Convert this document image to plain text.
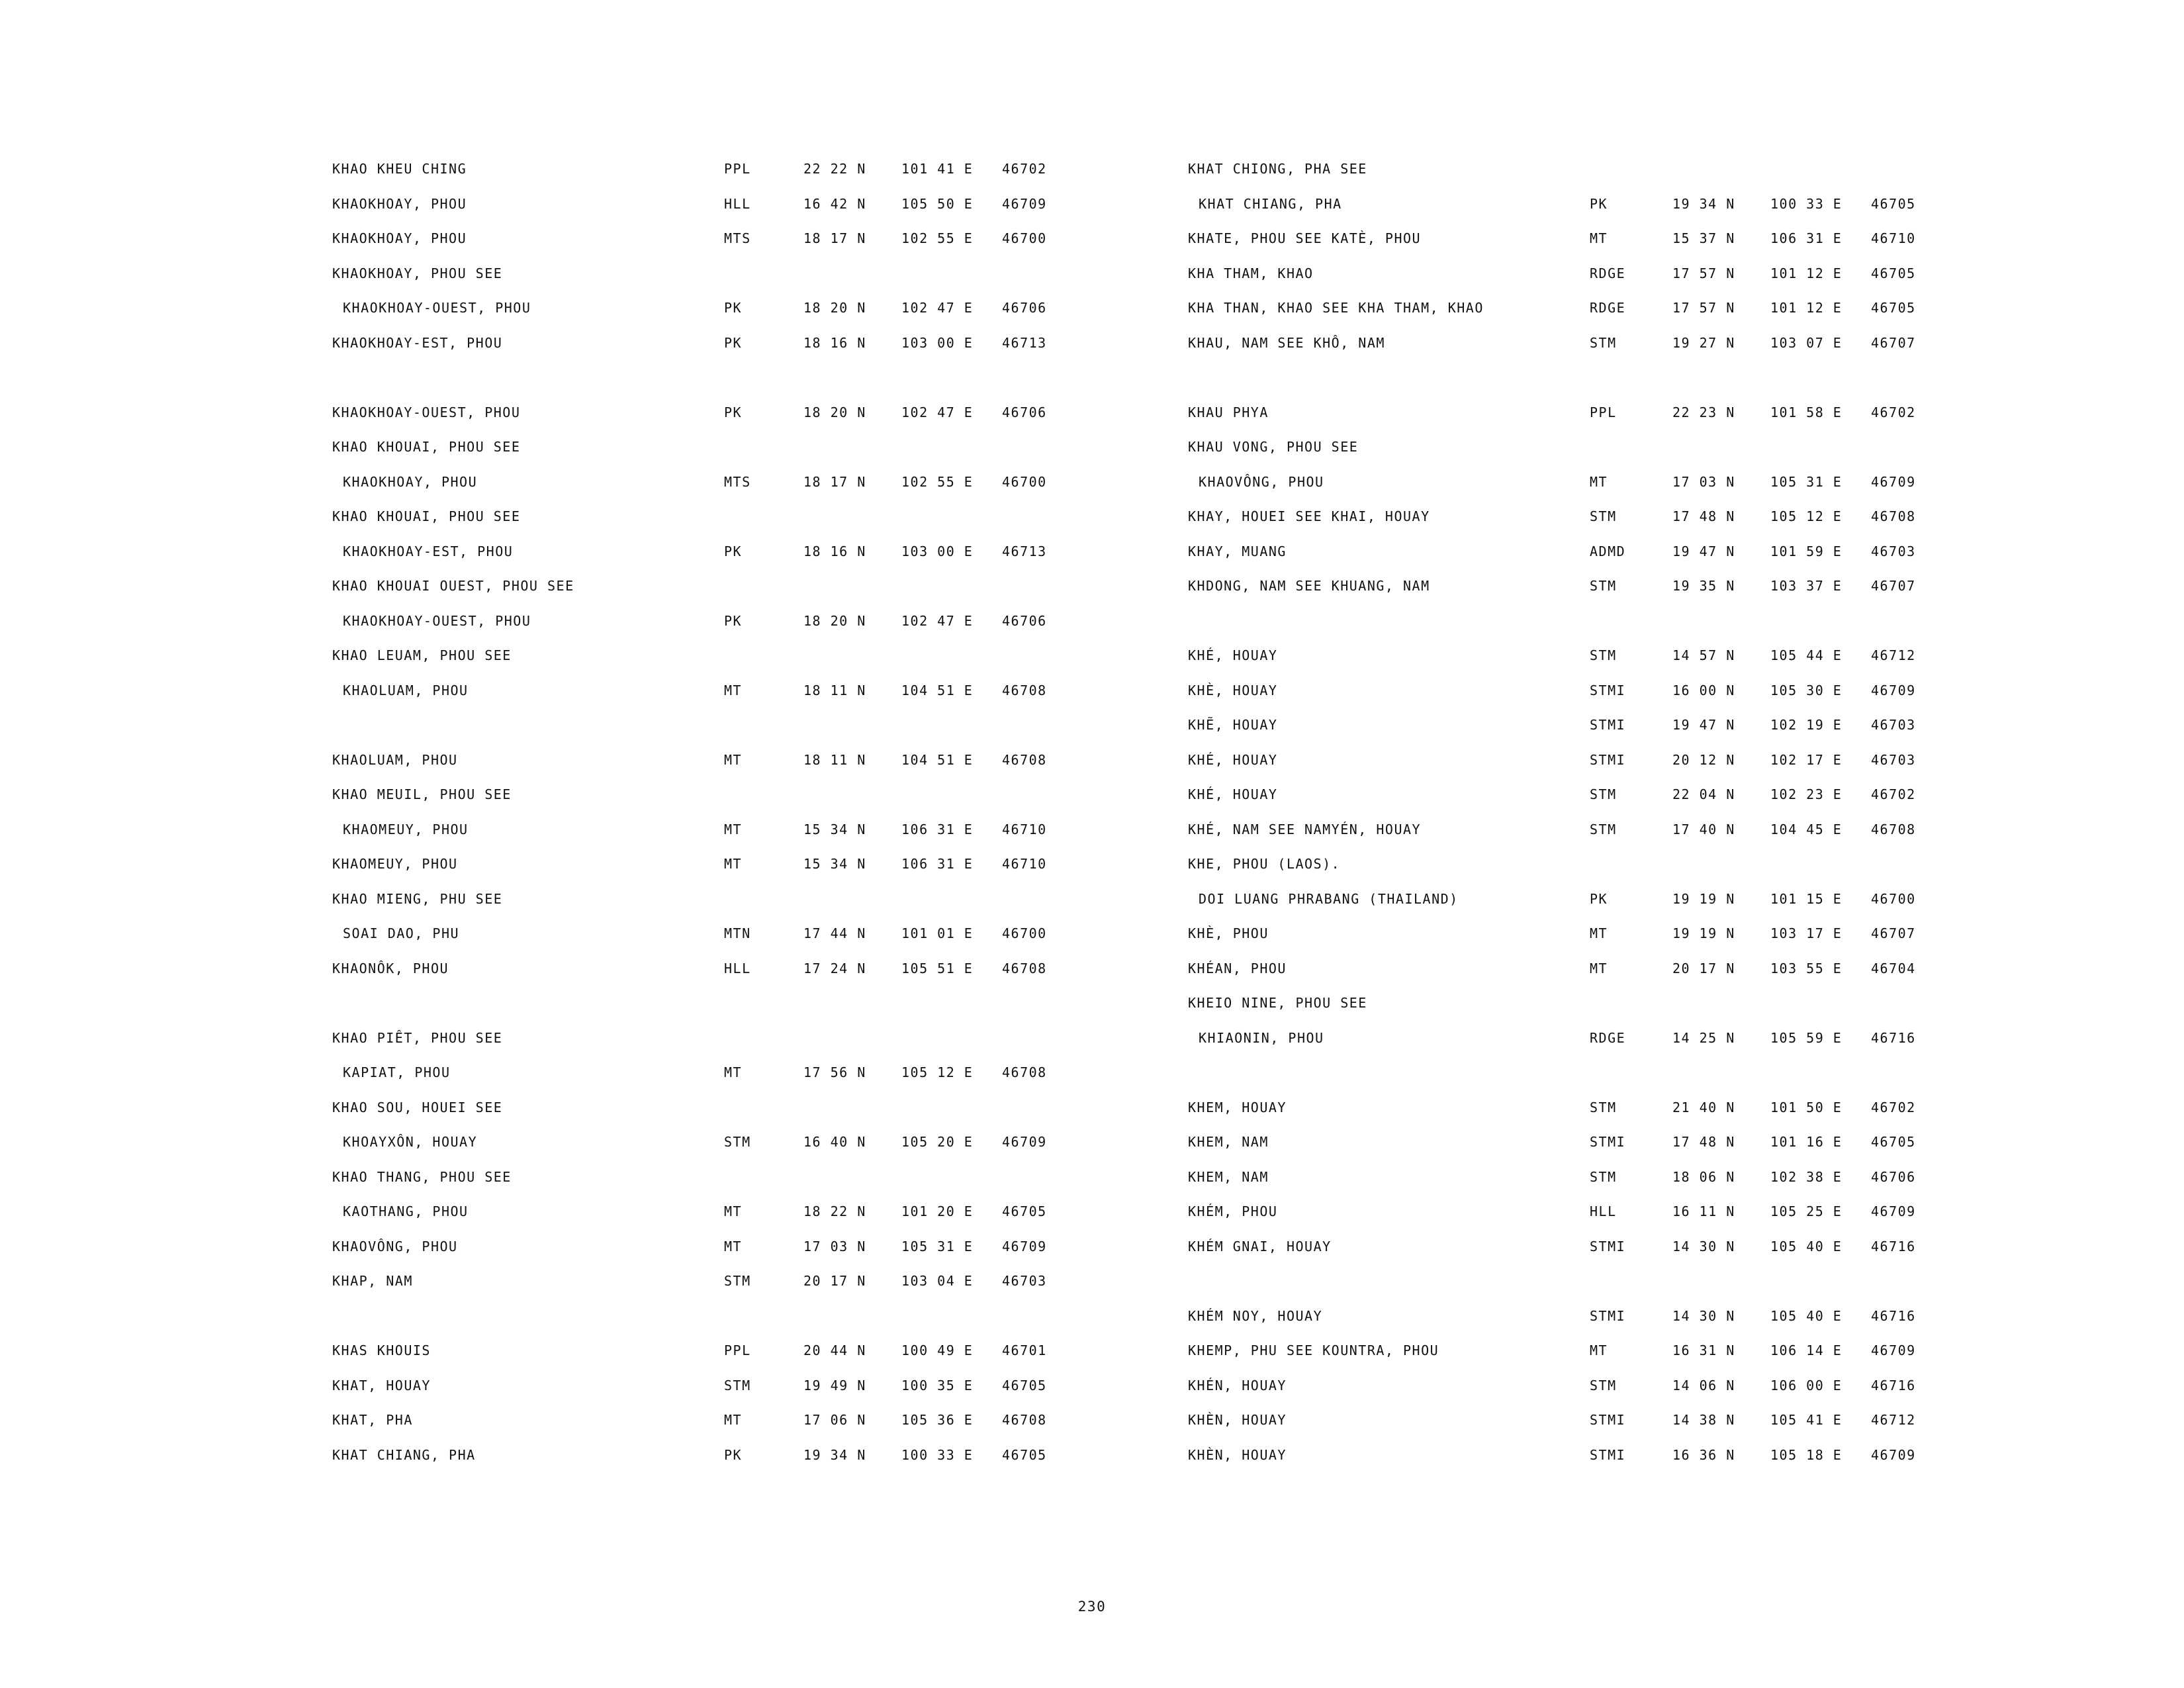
KHAO KHEU CHING	PPL	22 22 N	101 41 E 46702
KHAOKHOAY, PHOU	HLL	16 42 N	105 50 E 46709
KHAOKHOAY, PHOU	MTS	18 17 N	102 55 E 46700
KHAOKHOAY, PHOU SEE
KHAOKHOAY-OUEST, PHOU	PK	18 20 N	102 47 E 46706
KHAOKHOAY-EST, PHOU	PK	18 16 N	103 00 E 46713
KHAOKHOAY-OUEST, PHOU	PK	18 20 N	102 47 E 46706
KHAO KHOUAI, PHOU SEE
KHAOKHOAY, PHOU	MTS	18 17 N	102 55 E 46700
KHAO KHOUAI, PHOU SEE
KHAOKHOAY-EST, PHOU	PK	18 16 N	103 00 E 46713
KHAO KHOUAI OUEST, PHOU SEE
KHAOKHOAY-OUEST, PHOU	PK	18 20 N	102 47 E 46706
KHAO LEUAM, PHOU SEE
KHAOLUAM, PHOU	MT	18 11 N	104 51 E 46708
KHAOLUAM, PHOU	MT	18 11 N	104 51 E 46708
KHAO MEUIL, PHOU SEE
KHAOMEUY, PHOU	MT	15 34 N	106 31 E 46710
KHAOMEUY, PHOU	MT	15 34 N	106 31 E 46710
KHAO MIENG, PHU SEE
SOAI DAO, PHU	MTN	17 44 N	101 01 E 46700
KHAONÔK, PHOU	HLL	17 24 N	105 51 E 46708
KHAO PIÊT, PHOU SEE
KAPIAT, PHOU	MT	17 56 N	105 12 E 46708
KHAO SOU, HOUEI SEE
KHOAYXÔN, HOUAY	STM	16 40 N	105 20 E 46709
KHAO THANG, PHOU SEE
KAOTHANG, PHOU	MT	18 22 N	101 20 E 46705
KHAOVÔNG, PHOU	MT	17 03 N	105 31 E 46709
KHAP, NAM	STM	20 17 N	103 04 E 46703
KHAS KHOUIS	PPL	20 44 N	100 49 E 46701
KHAT, HOUAY	STM	19 49 N	100 35 E 46705
KHAT, PHA	MT	17 06 N	105 36 E 46708
KHAT CHIANG, PHA	PK	19 34 N	100 33 E 46705
KHAT CHIONG, PHA SEE
KHAT CHIANG, PHA	PK	19 34 N	100 33 E 46705
KHATE, PHOU SEE KATÈ, PHOU	MT	15 37 N	106 31 E 46710
KHA THAM, KHAO	RDGE	17 57 N	101 12 E 46705
KHA THAN, KHAO SEE KHA THAM, KHAO	RDGE	17 57 N	101 12 E 46705
KHAU, NAM SEE KHÔ, NAM	STM	19 27 N	103 07 E 46707
KHAU PHYA	PPL	22 23 N	101 58 E 46702
KHAU VONG, PHOU SEE
KHAOVÔNG, PHOU	MT	17 03 N	105 31 E 46709
KHAY, HOUEI SEE KHAI, HOUAY	STM	17 48 N	105 12 E 46708
KHAY, MUANG	ADMD	19 47 N	101 59 E 46703
KHDONG, NAM SEE KHUANG, NAM	STM	19 35 N	103 37 E 46707
KHÉ, HOUAY	STM	14 57 N	105 44 E 46712
KHÈ, HOUAY	STMI	16 00 N	105 30 E 46709
KHẼ, HOUAY	STMI	19 47 N	102 19 E 46703
KHÉ, HOUAY	STMI	20 12 N	102 17 E 46703
KHÉ, HOUAY	STM	22 04 N	102 23 E 46702
KHÉ, NAM SEE NAMYÉN, HOUAY	STM	17 40 N	104 45 E 46708
KHE, PHOU (LAOS).
DOI LUANG PHRABANG (THAILAND)	PK	19 19 N	101 15 E 46700
KHÈ, PHOU	MT	19 19 N	103 17 E 46707
KHÉAN, PHOU	MT	20 17 N	103 55 E 46704
KHEIO NINE, PHOU SEE
KHIAONIN, PHOU	RDGE	14 25 N	105 59 E 46716
KHEM, HOUAY	STM	21 40 N	101 50 E 46702
KHEM, NAM	STMI	17 48 N	101 16 E 46705
KHEM, NAM	STM	18 06 N	102 38 E 46706
KHÉM, PHOU	HLL	16 11 N	105 25 E 46709
KHÉM GNAI, HOUAY	STMI	14 30 N	105 40 E 46716
KHÉM NOY, HOUAY	STMI	14 30 N	105 40 E 46716
KHEMP, PHU SEE KOUNTRA, PHOU	MT	16 31 N	106 14 E 46709
KHÉN, HOUAY	STM	14 06 N	106 00 E 46716
KHÈN, HOUAY	STMI	14 38 N	105 41 E 46712
KHÈN, HOUAY	STMI	16 36 N	105 18 E 46709
230
